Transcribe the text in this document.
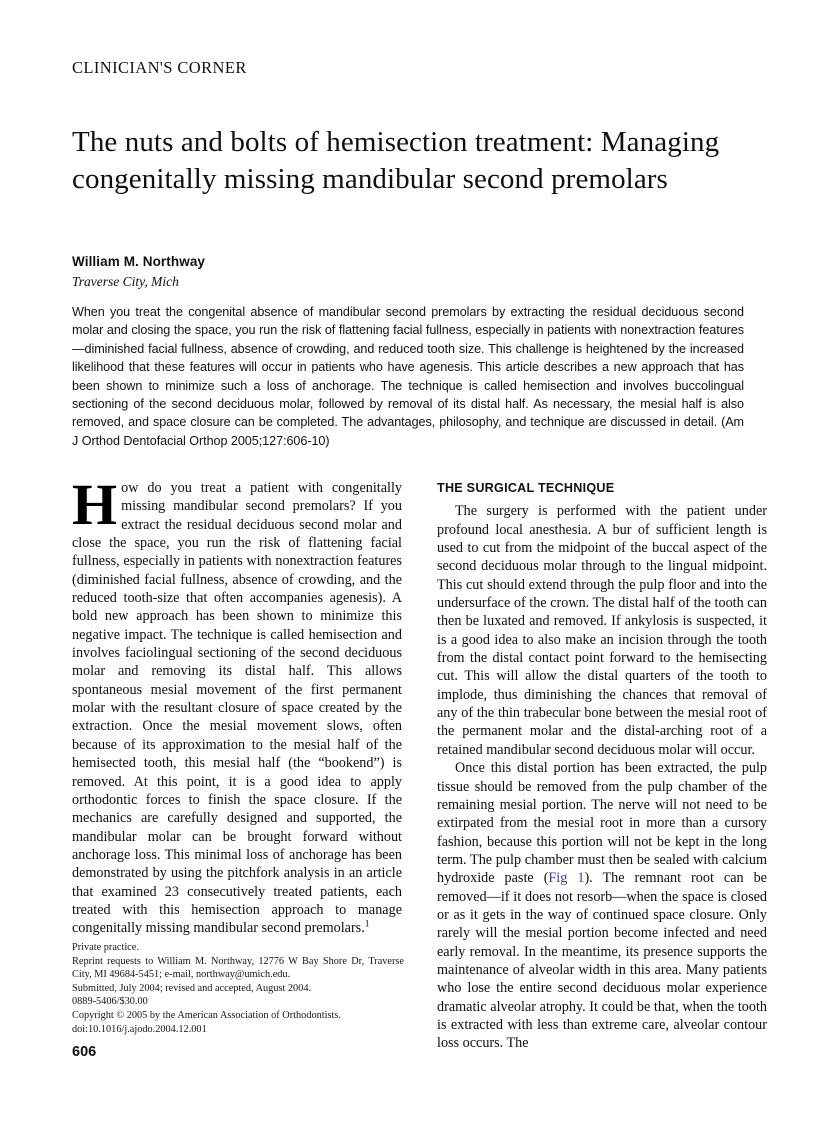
CLINICIAN'S CORNER
The nuts and bolts of hemisection treatment: Managing congenitally missing mandibular second premolars
William M. Northway
Traverse City, Mich
When you treat the congenital absence of mandibular second premolars by extracting the residual deciduous second molar and closing the space, you run the risk of flattening facial fullness, especially in patients with nonextraction features—diminished facial fullness, absence of crowding, and reduced tooth size. This challenge is heightened by the increased likelihood that these features will occur in patients who have agenesis. This article describes a new approach that has been shown to minimize such a loss of anchorage. The technique is called hemisection and involves buccolingual sectioning of the second deciduous molar, followed by removal of its distal half. As necessary, the mesial half is also removed, and space closure can be completed. The advantages, philosophy, and technique are discussed in detail. (Am J Orthod Dentofacial Orthop 2005;127:606-10)

How do you treat a patient with congenitally missing mandibular second premolars? If you extract the residual deciduous second molar and close the space, you run the risk of flattening facial fullness, especially in patients with nonextraction features (diminished facial fullness, absence of crowding, and the reduced tooth-size that often accompanies agenesis). A bold new approach has been shown to minimize this negative impact. The technique is called hemisection and involves faciolingual sectioning of the second deciduous molar and removing its distal half. This allows spontaneous mesial movement of the first permanent molar with the resultant closure of space created by the extraction. Once the mesial movement slows, often because of its approximation to the mesial half of the hemisected tooth, this mesial half (the “bookend”) is removed. At this point, it is a good idea to apply orthodontic forces to finish the space closure. If the mechanics are carefully designed and supported, the mandibular molar can be brought forward without anchorage loss. This minimal loss of anchorage has been demonstrated by using the pitchfork analysis in an article that examined 23 consecutively treated patients, each treated with this hemisection approach to manage congenitally missing mandibular second premolars.$^1$

THE SURGICAL TECHNIQUE

The surgery is performed with the patient under profound local anesthesia. A bur of sufficient length is used to cut from the midpoint of the buccal aspect of the second deciduous molar through to the lingual midpoint. This cut should extend through the pulp floor and into the undersurface of the crown. The distal half of the tooth can then be luxated and removed. If ankylosis is suspected, it is a good idea to also make an incision through the tooth from the distal contact point forward to the hemisecting cut. This will allow the distal quarters of the tooth to implode, thus diminishing the chances that removal of any of the thin trabecular bone between the mesial root of the permanent molar and the distal-arching root of a retained mandibular second deciduous molar will occur.

Once this distal portion has been extracted, the pulp tissue should be removed from the pulp chamber of the remaining mesial portion. The nerve will not need to be extirpated from the mesial root in more than a cursory fashion, because this portion will not be kept in the long term. The pulp chamber must then be sealed with calcium hydroxide paste (Fig 1). The remnant root can be removed—if it does not resorb—when the space is closed or as it gets in the way of continued space closure. Only rarely will the mesial portion become infected and need early removal. In the meantime, its presence supports the maintenance of alveolar width in this area. Many patients who lose the entire second deciduous molar experience dramatic alveolar atrophy. It could be that, when the tooth is extracted with less than extreme care, alveolar contour loss occurs. The

Private practice.
Reprint requests to William M. Northway, 12776 W Bay Shore Dr, Traverse City, MI 49684-5451; e-mail, northway@umich.edu.
Submitted, July 2004; revised and accepted, August 2004.
0889-5406/$30.00
Copyright © 2005 by the American Association of Orthodontists.
doi:10.1016/j.ajodo.2004.12.001
606
